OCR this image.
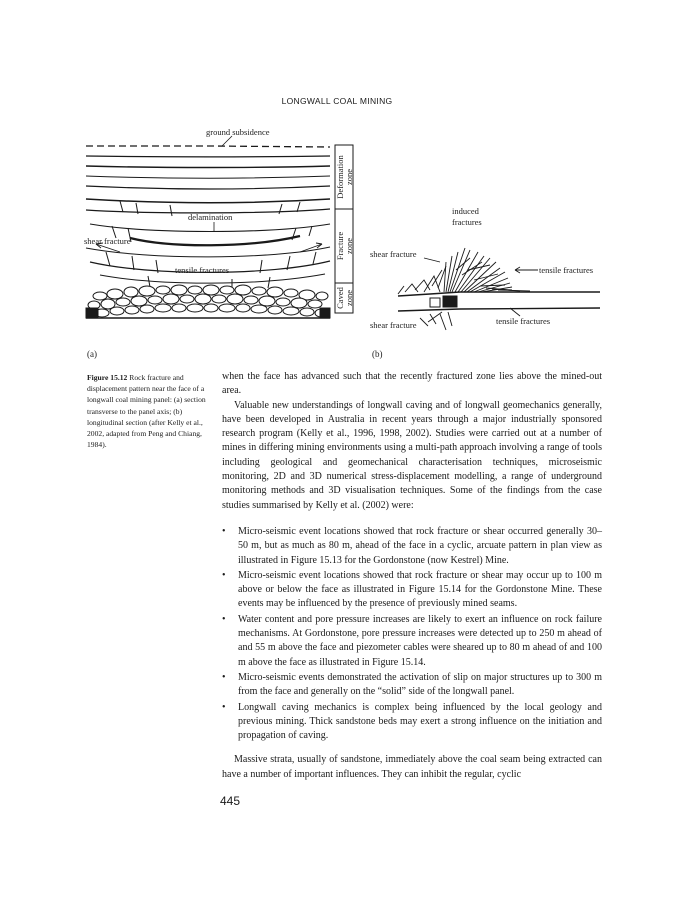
LONGWALL COAL MINING
Deformation zone
Fracture zone
Caved zone
ground subsidence
delamination
shear fracture
tensile fractures
induced
fractures
shear fracture
tensile fractures
shear fracture	tensile fractures
(a)	(b)
Figure 15.12 Rock fracture and displacement pattern near the face of a longwall coal mining panel: (a) section transverse to the panel axis; (b) longitudinal section (after Kelly et al., 2002, adapted from Peng and Chiang, 1984).

when the face has advanced such that the recently fractured zone lies above the mined-out area.

Valuable new understandings of longwall caving and of longwall geomechanics generally, have been developed in Australia in recent years through a major industrially sponsored research program (Kelly et al., 1996, 1998, 2002). Studies were carried out at a number of mines in differing mining environments using a multi-path approach involving a range of tools including geological and geomechanical characterisation techniques, microseismic monitoring, 2D and 3D numerical stress-displacement modelling, a range of underground monitoring methods and 3D visualisation techniques. Some of the findings from the case studies summarised by Kelly et al. (2002) were:

• Micro-seismic event locations showed that rock fracture or shear occurred generally 30–50 m, but as much as 80 m, ahead of the face in a cyclic, arcuate pattern in plan view as illustrated in Figure 15.13 for the Gordonstone (now Kestrel) Mine.
• Micro-seismic event locations showed that rock fracture or shear may occur up to 100 m above or below the face as illustrated in Figure 15.14 for the Gordonstone Mine. These events may be influenced by the presence of previously mined seams.
• Water content and pore pressure increases are likely to exert an influence on rock failure mechanisms. At Gordonstone, pore pressure increases were detected up to 250 m ahead of and 55 m above the face and piezometer cables were sheared up to 80 m ahead of and 100 m above the face as illustrated in Figure 15.14.
• Micro-seismic events demonstrated the activation of slip on major structures up to 300 m from the face and generally on the “solid” side of the longwall panel.
• Longwall caving mechanics is complex being influenced by the local geology and previous mining. Thick sandstone beds may exert a strong influence on the initiation and propagation of caving.

Massive strata, usually of sandstone, immediately above the coal seam being extracted can have a number of important influences. They can inhibit the regular, cyclic

445
